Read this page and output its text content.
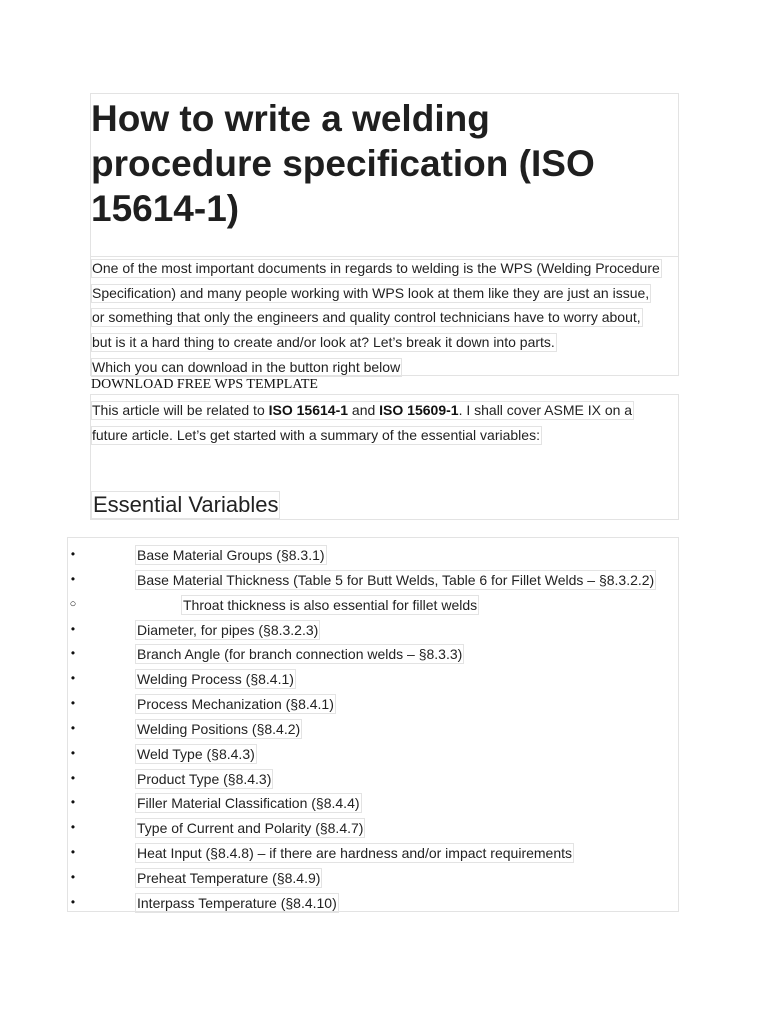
How to write a welding procedure specification (ISO 15614-1)
One of the most important documents in regards to welding is the WPS (Welding Procedure
Specification) and many people working with WPS look at them like they are just an issue,
or something that only the engineers and quality control technicians have to worry about,
but is it a hard thing to create and/or look at? Let’s break it down into parts.
Which you can download in the button right below
DOWNLOAD FREE WPS TEMPLATE
This article will be related to ISO 15614-1 and ISO 15609-1. I shall cover ASME IX on a
future article. Let’s get started with a summary of the essential variables:
Essential Variables
•	Base Material Groups (§8.3.1)
•	Base Material Thickness (Table 5 for Butt Welds, Table 6 for Fillet Welds – §8.3.2.2)
○	Throat thickness is also essential for fillet welds
•	Diameter, for pipes (§8.3.2.3)
•	Branch Angle (for branch connection welds – §8.3.3)
•	Welding Process (§8.4.1)
•	Process Mechanization (§8.4.1)
•	Welding Positions (§8.4.2)
•	Weld Type (§8.4.3)
•	Product Type (§8.4.3)
•	Filler Material Classification (§8.4.4)
•	Type of Current and Polarity (§8.4.7)
•	Heat Input (§8.4.8) – if there are hardness and/or impact requirements
•	Preheat Temperature (§8.4.9)
•	Interpass Temperature (§8.4.10)
